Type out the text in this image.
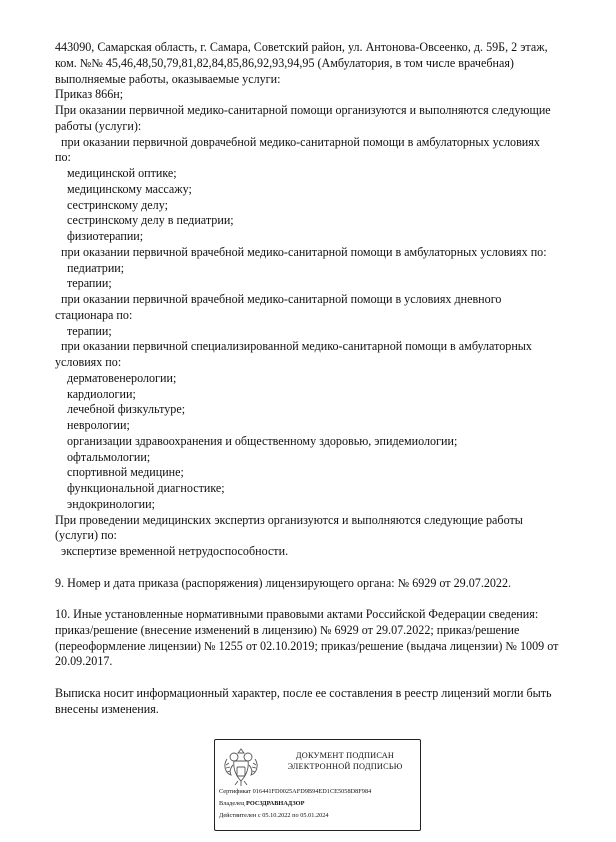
443090, Самарская область, г. Самара, Советский район, ул. Антонова-Овсеенко, д. 59Б, 2 этаж,
ком. №№ 45,46,48,50,79,81,82,84,85,86,92,93,94,95 (Амбулатория, в том числе врачебная)
выполняемые работы, оказываемые услуги:
Приказ 866н;
При оказании первичной медико-санитарной помощи организуются и выполняются следующие
работы (услуги):
при оказании первичной доврачебной медико-санитарной помощи в амбулаторных условиях
по:
медицинской оптике;
медицинскому массажу;
сестринскому делу;
сестринскому делу в педиатрии;
физиотерапии;
при оказании первичной врачебной медико-санитарной помощи в амбулаторных условиях по:
педиатрии;
терапии;
при оказании первичной врачебной медико-санитарной помощи в условиях дневного
стационара по:
терапии;
при оказании первичной специализированной медико-санитарной помощи в амбулаторных
условиях по:
дерматовенерологии;
кардиологии;
лечебной физкультуре;
неврологии;
организации здравоохранения и общественному здоровью, эпидемиологии;
офтальмологии;
спортивной медицине;
функциональной диагностике;
эндокринологии;
При проведении медицинских экспертиз организуются и выполняются следующие работы
(услуги) по:
экспертизе временной нетрудоспособности.
9. Номер и дата приказа (распоряжения) лицензирующего органа: № 6929 от 29.07.2022.
10. Иные установленные нормативными правовыми актами Российской Федерации сведения:
приказ/решение (внесение изменений в лицензию) № 6929 от 29.07.2022; приказ/решение
(переоформление лицензии) № 1255 от 02.10.2019; приказ/решение (выдача лицензии) № 1009 от
20.09.2017.
Выписка носит информационный характер, после ее составления в реестр лицензий могли быть
внесены изменения.
ДОКУМЕНТ ПОДПИСАН
ЭЛЕКТРОННОЙ ПОДПИСЬЮ
Сертификат 016441FD0025AFD9B94ED1CE5058D8F984
Владелец РОСЗДРАВНАДЗОР
Действителен с 05.10.2022 по 05.01.2024
